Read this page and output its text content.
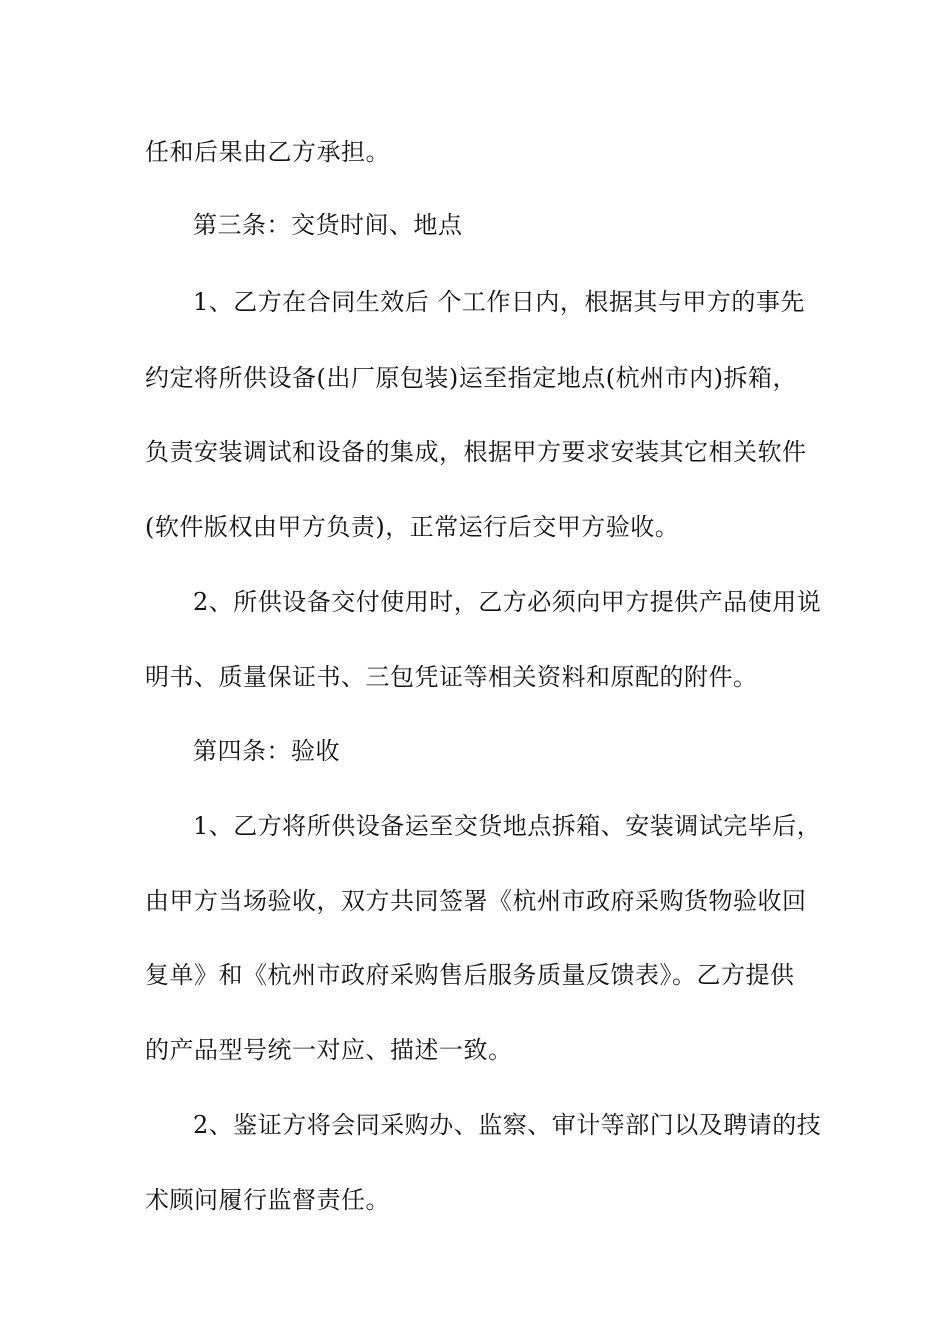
任和后果由乙方承担。
第三条：交货时间、地点
1、乙方在合同生效后 个工作日内，根据其与甲方的事先
约定将所供设备(出厂原包装)运至指定地点(杭州市内)拆箱，
负责安装调试和设备的集成，根据甲方要求安装其它相关软件
(软件版权由甲方负责)，正常运行后交甲方验收。
2、所供设备交付使用时，乙方必须向甲方提供产品使用说
明书、质量保证书、三包凭证等相关资料和原配的附件。
第四条：验收
1、乙方将所供设备运至交货地点拆箱、安装调试完毕后，
由甲方当场验收，双方共同签署《杭州市政府采购货物验收回
复单》和《杭州市政府采购售后服务质量反馈表》。乙方提供
的产品型号统一对应、描述一致。
2、鉴证方将会同采购办、监察、审计等部门以及聘请的技
术顾问履行监督责任。
